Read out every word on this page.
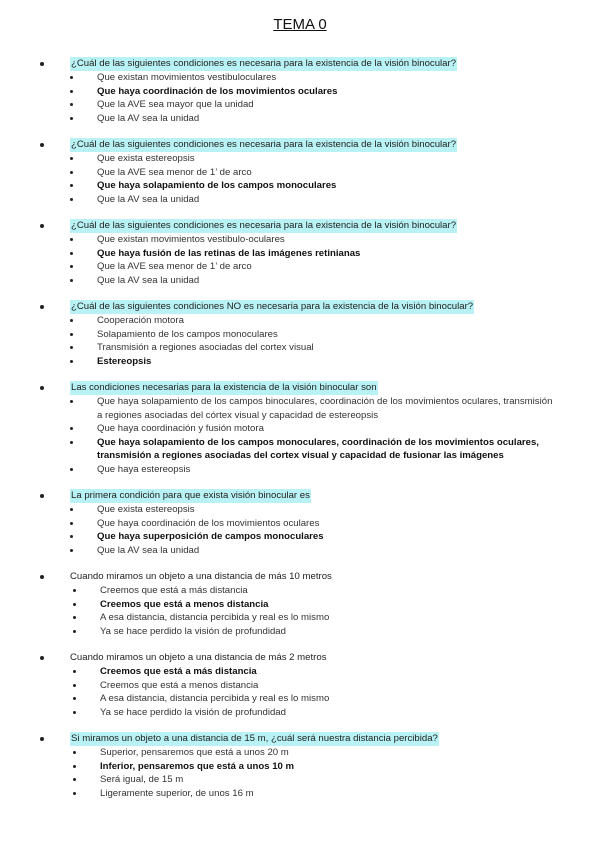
TEMA 0
¿Cuál de las siguientes condiciones es necesaria para la existencia de la visión binocular?
Que existan movimientos vestibuloculares
Que haya coordinación de los movimientos oculares
Que la AVE sea mayor que la unidad
Que la AV sea la unidad
¿Cuál de las siguientes condiciones es necesaria para la existencia de la visión binocular?
Que exista estereopsis
Que la AVE sea menor de 1’ de arco
Que haya solapamiento de los campos monoculares
Que la AV sea la unidad
¿Cuál de las siguientes condiciones es necesaria para la existencia de la visión binocular?
Que existan movimientos vestibulo-oculares
Que haya fusión de las retinas de las imágenes retinianas
Que la AVE sea menor de 1’ de arco
Que la AV sea la unidad
¿Cuál de las siguientes condiciones NO es necesaria para la existencia de la visión binocular?
Cooperación motora
Solapamiento de los campos monoculares
Transmisión a regiones asociadas del cortex visual
Estereopsis
Las condiciones necesarias para la existencia de la visión binocular son
Que haya solapamiento de los campos binoculares, coordinación de los movimientos oculares, transmisión a regiones asociadas del córtex visual y capacidad de estereopsis
Que haya coordinación y fusión motora
Que haya solapamiento de los campos monoculares, coordinación de los movimientos oculares, transmisión a regiones asociadas del cortex visual y capacidad de fusionar las imágenes
Que haya estereopsis
La primera condición para que exista visión binocular es
Que exista estereopsis
Que haya coordinación de los movimientos oculares
Que haya superposición de campos monoculares
Que la AV sea la unidad
Cuando miramos un objeto a una distancia de más 10 metros
Creemos que está a más distancia
Creemos que está a menos distancia
A esa distancia, distancia percibida y real es lo mismo
Ya se hace perdido la visión de profundidad
Cuando miramos un objeto a una distancia de más 2 metros
Creemos que está a más distancia
Creemos que está a menos distancia
A esa distancia, distancia percibida y real es lo mismo
Ya se hace perdido la visión de profundidad
Si miramos un objeto a una distancia de 15 m, ¿cuál será nuestra distancia percibida?
Superior, pensaremos que está a unos 20 m
Inferior, pensaremos que está a unos 10 m
Será igual, de 15 m
Ligeramente superior, de unos 16 m
